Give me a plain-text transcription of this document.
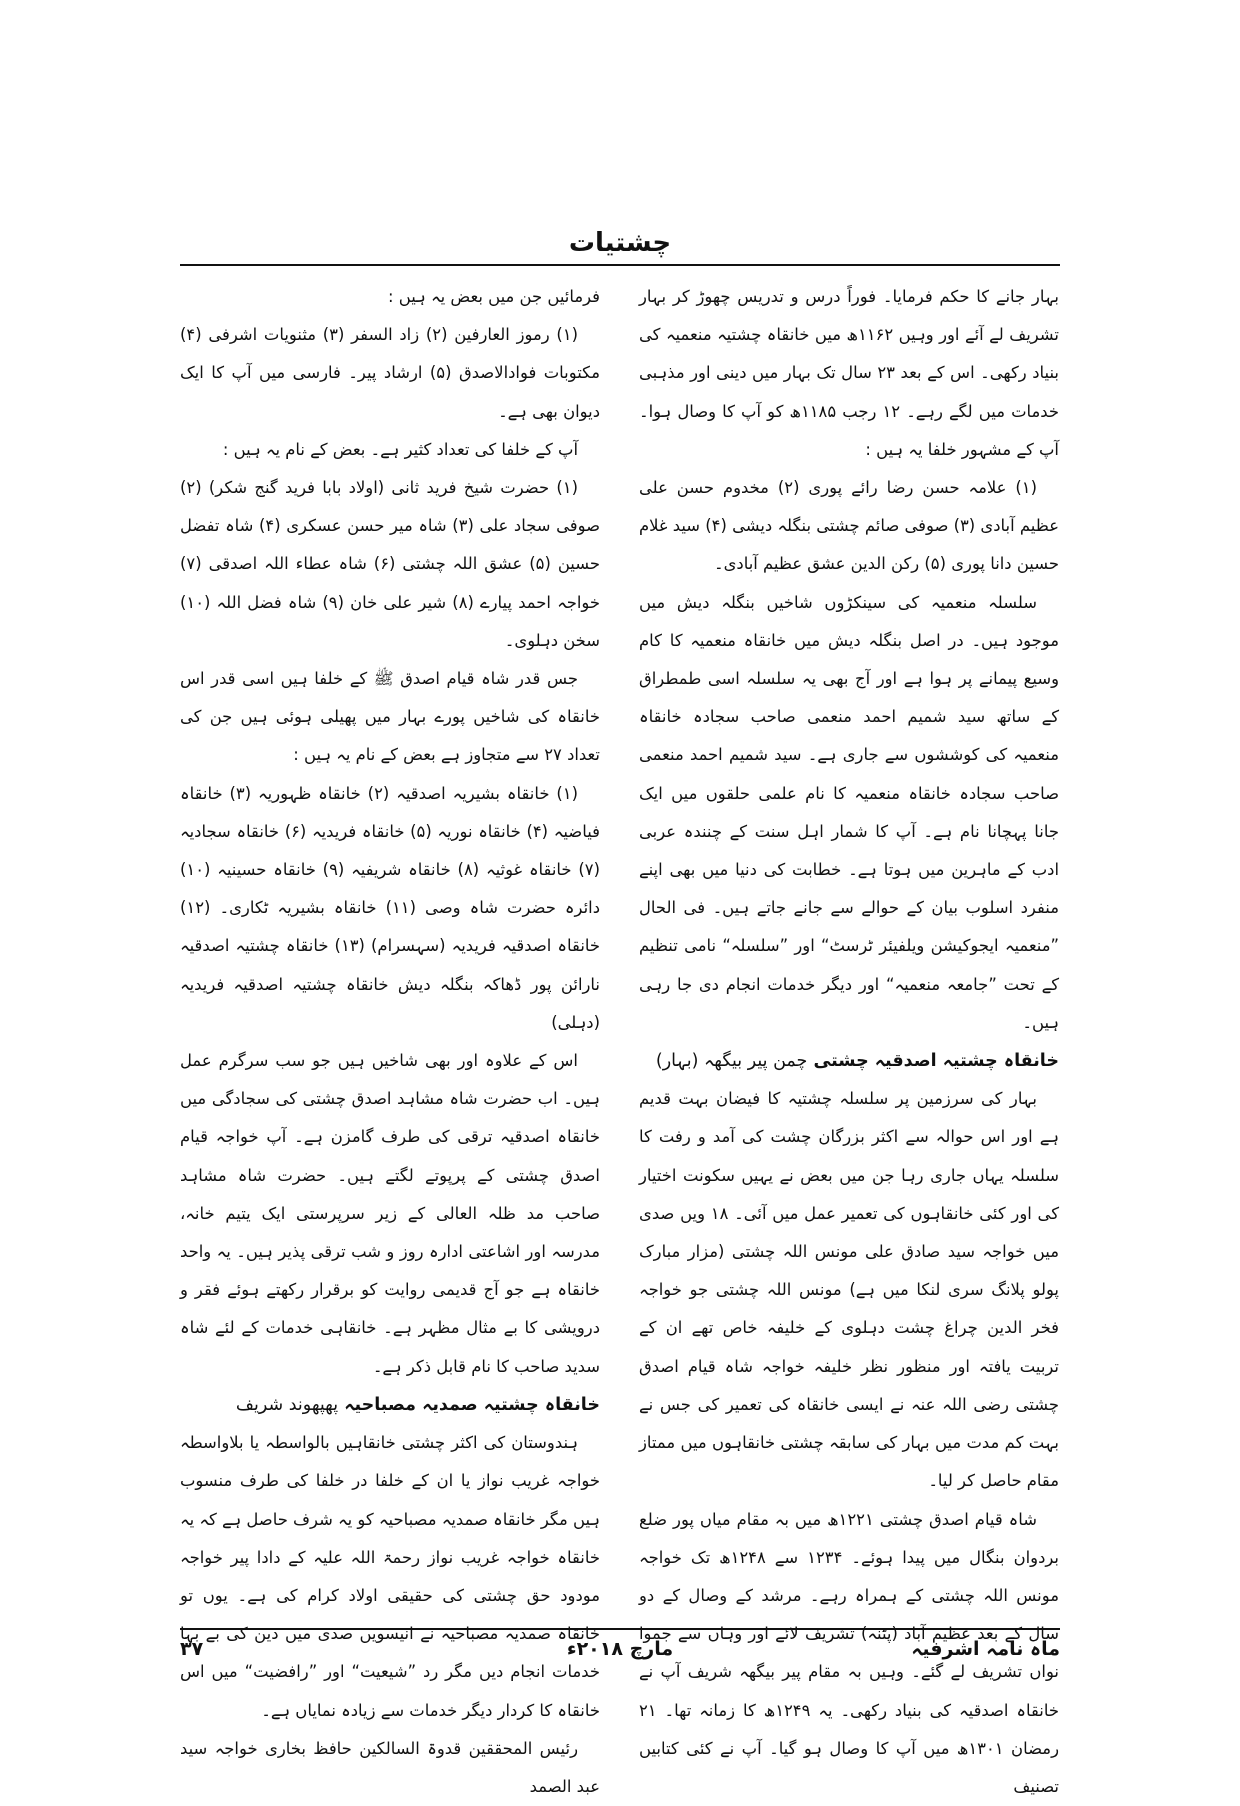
چشتیات

بہار جانے کا حکم فرمایا۔ فوراً درس و تدریس چھوڑ کر بہار تشریف لے آئے اور وہیں ۱۱۶۲ھ میں خانقاہ چشتیہ منعمیہ کی بنیاد رکھی۔ اس کے بعد ۲۳ سال تک بہار میں دینی اور مذہبی خدمات میں لگے رہے۔ ۱۲ رجب ۱۱۸۵ھ کو آپ کا وصال ہوا۔ آپ کے مشہور خلفا یہ ہیں :

(۱) علامہ حسن رضا رائے پوری (۲) مخدوم حسن علی عظیم آبادی (۳) صوفی صائم چشتی بنگلہ دیشی (۴) سید غلام حسین دانا پوری (۵) رکن الدین عشق عظیم آبادی۔

سلسلہ منعمیہ کی سینکڑوں شاخیں بنگلہ دیش میں موجود ہیں۔ در اصل بنگلہ دیش میں خانقاہ منعمیہ کا کام وسیع پیمانے پر ہوا ہے اور آج بھی یہ سلسلہ اسی طمطراق کے ساتھ سید شمیم احمد منعمی صاحب سجادہ خانقاہ منعمیہ کی کوششوں سے جاری ہے۔ سید شمیم احمد منعمی صاحب سجادہ خانقاہ منعمیہ کا نام علمی حلقوں میں ایک جانا پہچانا نام ہے۔ آپ کا شمار اہل سنت کے چنندہ عربی ادب کے ماہرین میں ہوتا ہے۔ خطابت کی دنیا میں بھی اپنے منفرد اسلوب بیان کے حوالے سے جانے جاتے ہیں۔ فی الحال ”منعمیہ ایجوکیشن ویلفیئر ٹرسٹ“ اور ”سلسلہ“ نامی تنظیم کے تحت ”جامعہ منعمیہ“ اور دیگر خدمات انجام دی جا رہی ہیں۔

خانقاہ چشتیہ اصدقیہ چشتی چمن پیر بیگھہ (بہار)

بہار کی سرزمین پر سلسلہ چشتیہ کا فیضان بہت قدیم ہے اور اس حوالہ سے اکثر بزرگان چشت کی آمد و رفت کا سلسلہ یہاں جاری رہا جن میں بعض نے یہیں سکونت اختیار کی اور کئی خانقاہوں کی تعمیر عمل میں آئی۔ ۱۸ ویں صدی میں خواجہ سید صادق علی مونس اللہ چشتی (مزار مبارک پولو پلانگ سری لنکا میں ہے) مونس اللہ چشتی جو خواجہ فخر الدین چراغ چشت دہلوی کے خلیفہ خاص تھے ان کے تربیت یافتہ اور منظور نظر خلیفہ خواجہ شاہ قیام اصدق چشتی رضی اللہ عنہ نے ایسی خانقاہ کی تعمیر کی جس نے بہت کم مدت میں بہار کی سابقہ چشتی خانقاہوں میں ممتاز مقام حاصل کر لیا۔

شاہ قیام اصدق چشتی ۱۲۲۱ھ میں بہ مقام میاں پور ضلع بردوان بنگال میں پیدا ہوئے۔ ۱۲۳۴ سے ۱۲۴۸ھ تک خواجہ مونس اللہ چشتی کے ہمراہ رہے۔ مرشد کے وصال کے دو سال کے بعد عظیم آباد (پٹنہ) تشریف لائے اور وہاں سے جموا نواں تشریف لے گئے۔ وہیں بہ مقام پیر بیگھہ شریف آپ نے خانقاہ اصدقیہ کی بنیاد رکھی۔ یہ ۱۲۴۹ھ کا زمانہ تھا۔ ۲۱ رمضان ۱۳۰۱ھ میں آپ کا وصال ہو گیا۔ آپ نے کئی کتابیں تصنیف

فرمائیں جن میں بعض یہ ہیں :

(۱) رموز العارفین (۲) زاد السفر (۳) مثنویات اشرفی (۴) مکتوبات فوادالاصدق (۵) ارشاد پیر۔ فارسی میں آپ کا ایک دیوان بھی ہے۔

آپ کے خلفا کی تعداد کثیر ہے۔ بعض کے نام یہ ہیں :

(۱) حضرت شیخ فرید ثانی (اولاد بابا فرید گنج شکر) (۲) صوفی سجاد علی (۳) شاہ میر حسن عسکری (۴) شاہ تفضل حسین (۵) عشق اللہ چشتی (۶) شاہ عطاء اللہ اصدقی (۷) خواجہ احمد پیارے (۸) شیر علی خان (۹) شاہ فضل اللہ (۱۰) سخن دہلوی۔

جس قدر شاہ قیام اصدق ﷺ کے خلفا ہیں اسی قدر اس خانقاہ کی شاخیں پورے بہار میں پھیلی ہوئی ہیں جن کی تعداد ۲۷ سے متجاوز ہے بعض کے نام یہ ہیں :

(۱) خانقاہ بشیریہ اصدقیہ (۲) خانقاہ ظہوریہ (۳) خانقاہ فیاضیہ (۴) خانقاہ نوریہ (۵) خانقاہ فریدیہ (۶) خانقاہ سجادیہ (۷) خانقاہ غوثیہ (۸) خانقاہ شریفیہ (۹) خانقاہ حسینیہ (۱۰) دائرہ حضرت شاہ وصی (۱۱) خانقاہ بشیریہ ٹکاری۔ (۱۲) خانقاہ اصدقیہ فریدیہ (سہسرام) (۱۳) خانقاہ چشتیہ اصدقیہ نارائن پور ڈھاکہ بنگلہ دیش خانقاہ چشتیہ اصدقیہ فریدیہ (دہلی)

اس کے علاوہ اور بھی شاخیں ہیں جو سب سرگرم عمل ہیں۔ اب حضرت شاہ مشاہد اصدق چشتی کی سجادگی میں خانقاہ اصدقیہ ترقی کی طرف گامزن ہے۔ آپ خواجہ قیام اصدق چشتی کے پرپوتے لگتے ہیں۔ حضرت شاہ مشاہد صاحب مد ظلہ العالی کے زیر سرپرستی ایک یتیم خانہ، مدرسہ اور اشاعتی ادارہ روز و شب ترقی پذیر ہیں۔ یہ واحد خانقاہ ہے جو آج قدیمی روایت کو برقرار رکھتے ہوئے فقر و درویشی کا بے مثال مظہر ہے۔ خانقاہی خدمات کے لئے شاہ سدید صاحب کا نام قابل ذکر ہے۔

خانقاہ چشتیہ صمدیہ مصباحیہ پھپھوند شریف

ہندوستان کی اکثر چشتی خانقاہیں بالواسطہ یا بلاواسطہ خواجہ غریب نواز یا ان کے خلفا در خلفا کی طرف منسوب ہیں مگر خانقاہ صمدیہ مصباحیہ کو یہ شرف حاصل ہے کہ یہ خانقاہ خواجہ غریب نواز رحمۃ اللہ علیہ کے دادا پیر خواجہ مودود حق چشتی کی حقیقی اولاد کرام کی ہے۔ یوں تو خانقاہ صمدیہ مصباحیہ نے انیسویں صدی میں دین کی بے بہا خدمات انجام دیں مگر رد ”شیعیت“ اور ”رافضیت“ میں اس خانقاہ کا کردار دیگر خدمات سے زیادہ نمایاں ہے۔

رئیس المحققین قدوۃ السالکین حافظ بخاری خواجہ سید عبد الصمد

ماہ نامہ اشرفیہ
مارچ ۲۰۱۸ء
۳۷
